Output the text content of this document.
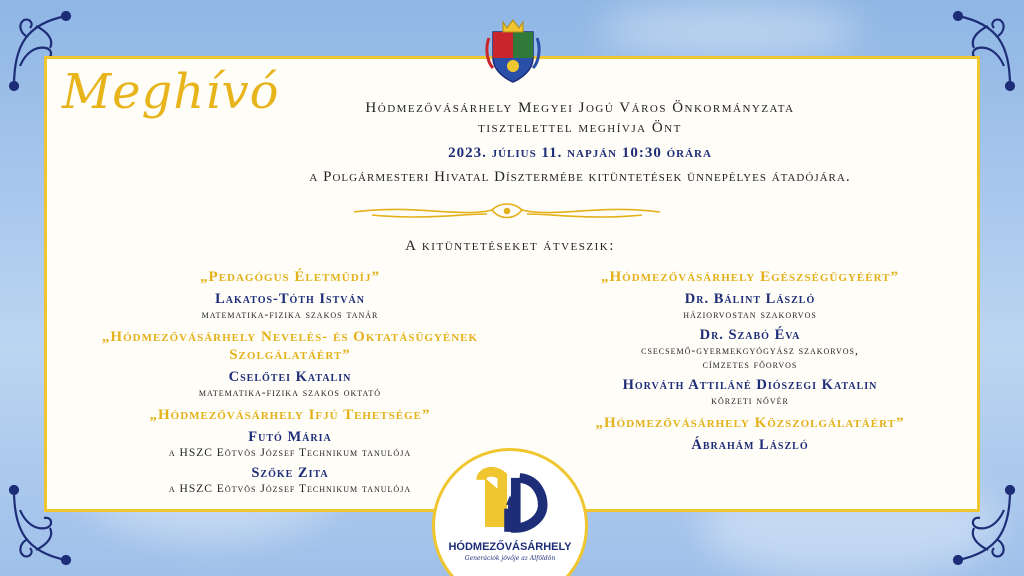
Meghívó	Hódmezővásárhely Megyei Jogú Város Önkormányzata
tisztelettel meghívja Önt
2023. július 11. napján 10:30 órára
a Polgármesteri Hivatal Dísztermébe kitüntetések ünnepélyes átadójára.
A kitüntetéseket átveszik:
„Pedagógus Életmûdíj”
Lakatos-Tóth István
matematika-fizika szakos tanár
„Hódmezővásárhely Nevelés- és Oktatásügyének Szolgálatáért”
Cselőtei Katalin
matematika-fizika szakos oktató
„Hódmezővásárhely Ifjú Tehetsége”
Futó Mária
a HSZC Eötvös József Technikum tanulója
Szőke Zita
a HSZC Eötvös József Technikum tanulója
„Hódmezővásárhely Egészségügyéért”
Dr. Bálint László
háziorvostan szakorvos
Dr. Szabó Éva
csecsemő-gyermekgyógyász szakorvos,
címzetes főorvos
Horváth Attiláné Diószegi Katalin
körzeti nővér
„Hódmezővásárhely Közszolgálatáért”
Ábrahám László
HÓDMEZŐVÁSÁRHELY
Generációk jövője az Alföldön
